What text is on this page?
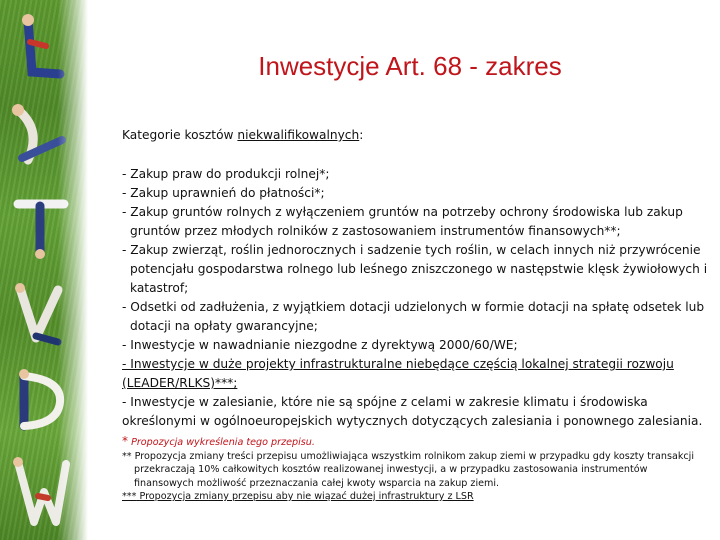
Inwestycje Art. 68 - zakres
Kategorie kosztów niekwalifikowalnych:
- Zakup praw do produkcji rolnej*;
- Zakup uprawnień do płatności*;
- Zakup gruntów rolnych z wyłączeniem gruntów na potrzeby ochrony środowiska lub zakup gruntów przez młodych rolników z zastosowaniem instrumentów finansowych**;
- Zakup zwierząt, roślin jednorocznych i sadzenie tych roślin, w celach innych niż przywrócenie potencjału gospodarstwa rolnego lub leśnego zniszczonego w następstwie klęsk żywiołowych i katastrof;
- Odsetki od zadłużenia, z wyjątkiem dotacji udzielonych w formie dotacji na spłatę odsetek lub dotacji na opłaty gwarancyjne;
- Inwestycje w nawadnianie niezgodne z dyrektywą 2000/60/WE;
- Inwestycje w duże projekty infrastrukturalne niebędące częścią lokalnej strategii rozwoju (LEADER/RLKS)***;
- Inwestycje w zalesianie, które nie są spójne z celami w zakresie klimatu i środowiska określonymi w ogólnoeuropejskich wytycznych dotyczących zalesiania i ponownego zalesiania.
* Propozycja wykreślenia tego przepisu.
** Propozycja zmiany treści przepisu umożliwiająca wszystkim rolnikom zakup ziemi w przypadku gdy koszty transakcji przekraczają 10% całkowitych kosztów realizowanej inwestycji, a w przypadku zastosowania instrumentów finansowych możliwość przeznaczania całej kwoty wsparcia na zakup ziemi.
*** Propozycja zmiany przepisu aby nie wiązać dużej infrastruktury z LSR
